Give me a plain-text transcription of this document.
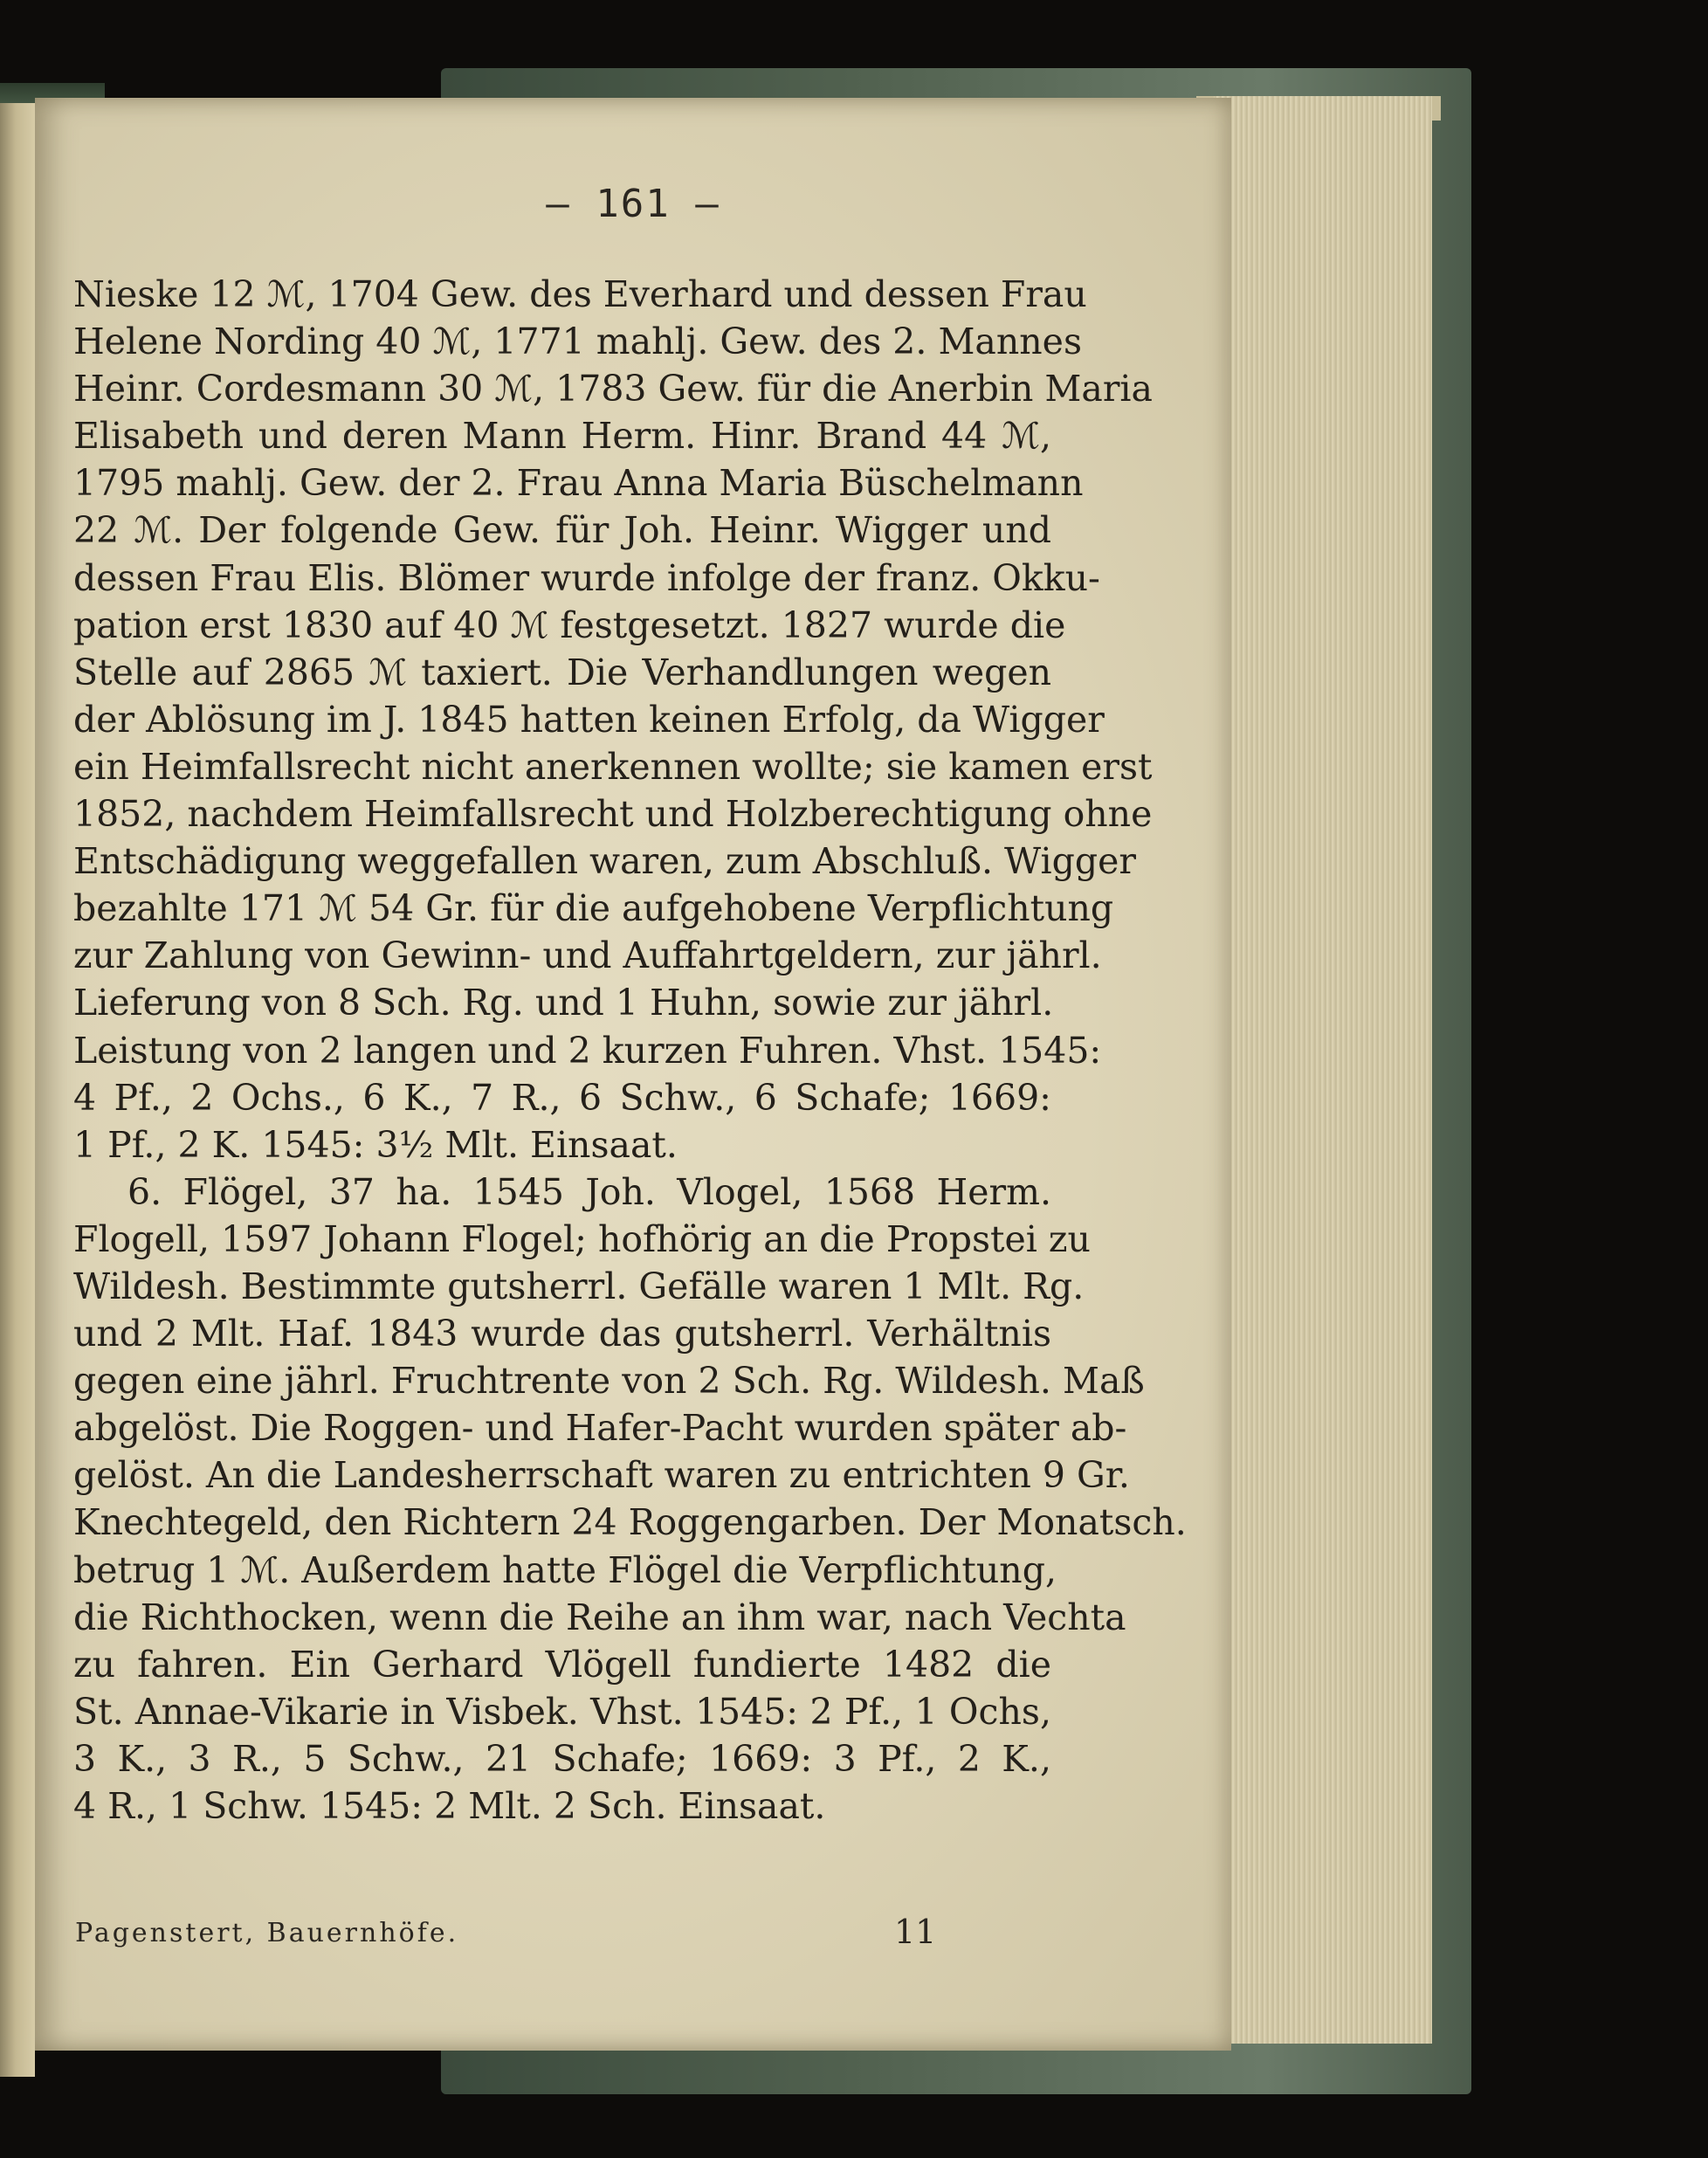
— 161 —
Nieske 12 ℳ, 1704 Gew. des Everhard und dessen Frau
Helene Nording 40 ℳ, 1771 mahlj. Gew. des 2. Mannes
Heinr. Cordesmann 30 ℳ, 1783 Gew. für die Anerbin Maria
Elisabeth und deren Mann Herm. Hinr. Brand 44 ℳ,
1795 mahlj. Gew. der 2. Frau Anna Maria Büschelmann
22 ℳ. Der folgende Gew. für Joh. Heinr. Wigger und
dessen Frau Elis. Blömer wurde infolge der franz. Okku-
pation erst 1830 auf 40 ℳ festgesetzt. 1827 wurde die
Stelle auf 2865 ℳ taxiert. Die Verhandlungen wegen
der Ablösung im J. 1845 hatten keinen Erfolg, da Wigger
ein Heimfallsrecht nicht anerkennen wollte; sie kamen erst
1852, nachdem Heimfallsrecht und Holzberechtigung ohne
Entschädigung weggefallen waren, zum Abschluß. Wigger
bezahlte 171 ℳ 54 Gr. für die aufgehobene Verpflichtung
zur Zahlung von Gewinn- und Auffahrtgeldern, zur jährl.
Lieferung von 8 Sch. Rg. und 1 Huhn, sowie zur jährl.
Leistung von 2 langen und 2 kurzen Fuhren. Vhst. 1545:
4 Pf., 2 Ochs., 6 K., 7 R., 6 Schw., 6 Schafe; 1669:
1 Pf., 2 K. 1545: 3½ Mlt. Einsaat.
6. Flögel, 37 ha. 1545 Joh. Vlogel, 1568 Herm.
Flogell, 1597 Johann Flogel; hofhörig an die Propstei zu
Wildesh. Bestimmte gutsherrl. Gefälle waren 1 Mlt. Rg.
und 2 Mlt. Haf. 1843 wurde das gutsherrl. Verhältnis
gegen eine jährl. Fruchtrente von 2 Sch. Rg. Wildesh. Maß
abgelöst. Die Roggen- und Hafer-Pacht wurden später ab-
gelöst. An die Landesherrschaft waren zu entrichten 9 Gr.
Knechtegeld, den Richtern 24 Roggengarben. Der Monatsch.
betrug 1 ℳ. Außerdem hatte Flögel die Verpflichtung,
die Richthocken, wenn die Reihe an ihm war, nach Vechta
zu fahren. Ein Gerhard Vlögell fundierte 1482 die
St. Annae-Vikarie in Visbek. Vhst. 1545: 2 Pf., 1 Ochs,
3 K., 3 R., 5 Schw., 21 Schafe; 1669: 3 Pf., 2 K.,
4 R., 1 Schw. 1545: 2 Mlt. 2 Sch. Einsaat.
Pagenstert, Bauernhöfe.	11
